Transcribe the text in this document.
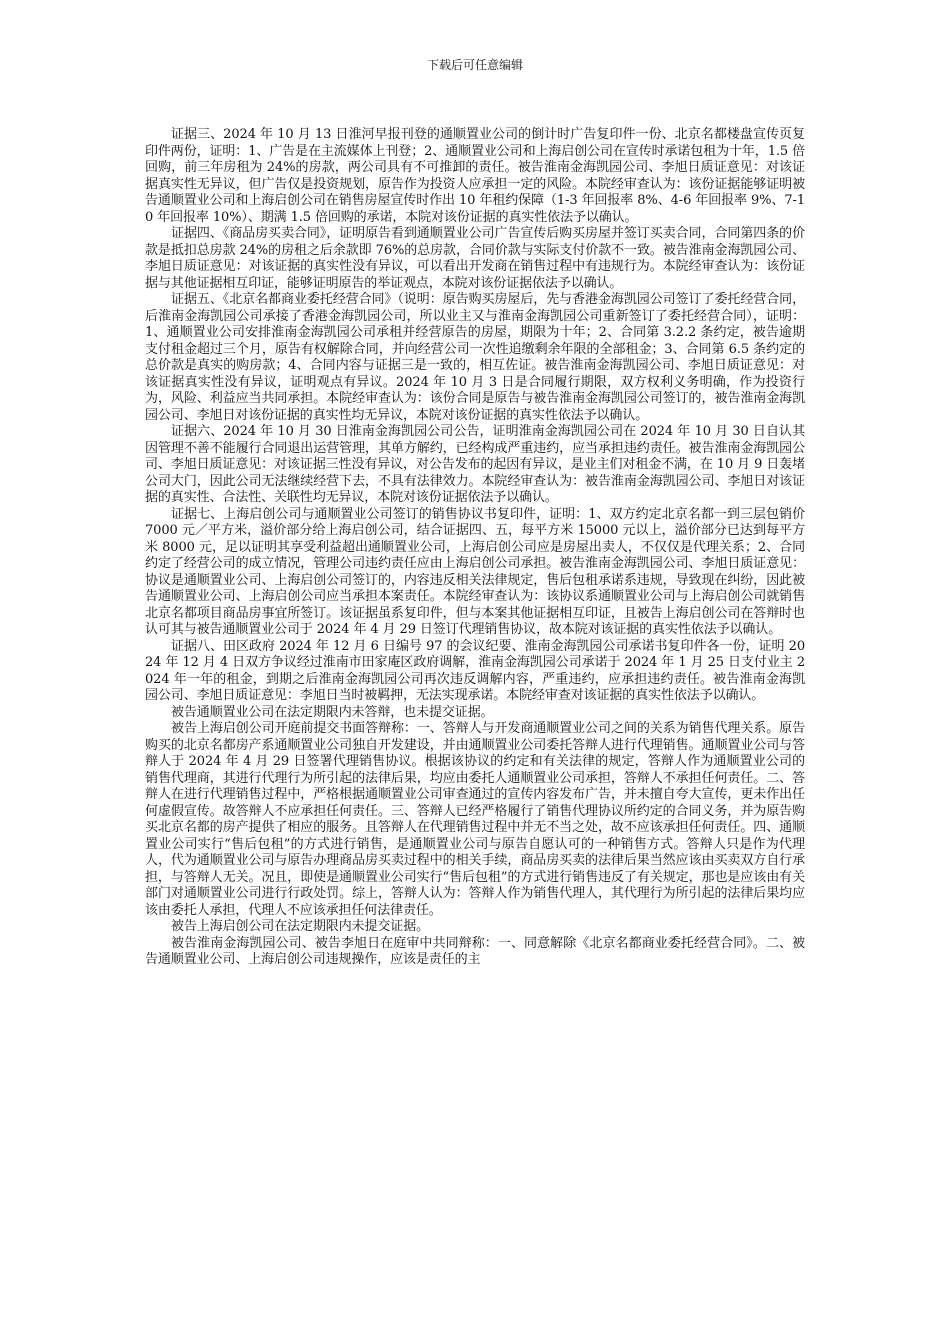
下载后可任意编辑

证据三、2024 年 10 月 13 日淮河早报刊登的通顺置业公司的倒计时广告复印件一份、北京名都楼盘宣传页复印件两份，证明：1、广告是在主流媒体上刊登；2、通顺置业公司和上海启创公司在宣传时承诺包租为十年，1.5 倍回购，前三年房租为 24%的房款，两公司具有不可推卸的责任。被告淮南金海凯园公司、李旭日质证意见：对该证据真实性无异议，但广告仅是投资规划，原告作为投资人应承担一定的风险。本院经审查认为：该份证据能够证明被告通顺置业公司和上海启创公司在销售房屋宣传时作出 10 年租约保障（1-3 年回报率 8%、4-6 年回报率 9%、7-10 年回报率 10%）、期满 1.5 倍回购的承诺，本院对该份证据的真实性依法予以确认。

证据四、《商品房买卖合同》，证明原告看到通顺置业公司广告宣传后购买房屋并签订买卖合同，合同第四条的价款是抵扣总房款 24%的房租之后余款即 76%的总房款，合同价款与实际支付价款不一致。被告淮南金海凯园公司、李旭日质证意见：对该证据的真实性没有异议，可以看出开发商在销售过程中有违规行为。本院经审查认为：该份证据与其他证据相互印证，能够证明原告的举证观点，本院对该份证据依法予以确认。

证据五、《北京名都商业委托经营合同》（说明：原告购买房屋后，先与香港金海凯园公司签订了委托经营合同，后淮南金海凯园公司承接了香港金海凯园公司，所以业主又与淮南金海凯园公司重新签订了委托经营合同），证明：1、通顺置业公司安排淮南金海凯园公司承租并经营原告的房屋，期限为十年；2、合同第 3.2.2 条约定，被告逾期支付租金超过三个月，原告有权解除合同，并向经营公司一次性追缴剩余年限的全部租金；3、合同第 6.5 条约定的总价款是真实的购房款；4、合同内容与证据三是一致的，相互佐证。被告淮南金海凯园公司、李旭日质证意见：对该证据真实性没有异议，证明观点有异议。2024 年 10 月 3 日是合同履行期限，双方权利义务明确，作为投资行为，风险、利益应当共同承担。本院经审查认为：该份合同是原告与被告淮南金海凯园公司签订的，被告淮南金海凯园公司、李旭日对该份证据的真实性均无异议，本院对该份证据的真实性依法予以确认。

证据六、2024 年 10 月 30 日淮南金海凯园公司公告，证明淮南金海凯园公司在 2024 年 10 月 30 日自认其因管理不善不能履行合同退出运营管理，其单方解约，已经构成严重违约，应当承担违约责任。被告淮南金海凯园公司、李旭日质证意见：对该证据三性没有异议，对公告发布的起因有异议，是业主们对租金不满，在 10 月 9 日轰堵公司大门，因此公司无法继续经营下去，不具有法律效力。本院经审查认为：被告淮南金海凯园公司、李旭日对该证据的真实性、合法性、关联性均无异议，本院对该份证据依法予以确认。

证据七、上海启创公司与通顺置业公司签订的销售协议书复印件，证明：1、双方约定北京名都一到三层包销价 7000 元／平方米，溢价部分给上海启创公司，结合证据四、五，每平方米 15000 元以上，溢价部分已达到每平方米 8000 元，足以证明其享受利益超出通顺置业公司，上海启创公司应是房屋出卖人，不仅仅是代理关系；2、合同约定了经营公司的成立情况，管理公司违约责任应由上海启创公司承担。被告淮南金海凯园公司、李旭日质证意见：协议是通顺置业公司、上海启创公司签订的，内容违反相关法律规定，售后包租承诺系违规，导致现在纠纷，因此被告通顺置业公司、上海启创公司应当承担本案责任。本院经审查认为：该协议系通顺置业公司与上海启创公司就销售北京名都项目商品房事宜所签订。该证据虽系复印件，但与本案其他证据相互印证，且被告上海启创公司在答辩时也认可其与被告通顺置业公司于 2024 年 4 月 29 日签订代理销售协议，故本院对该证据的真实性依法予以确认。

证据八、田区政府 2024 年 12 月 6 日编号 97 的会议纪要、淮南金海凯园公司承诺书复印件各一份，证明 2024 年 12 月 4 日双方争议经过淮南市田家庵区政府调解，淮南金海凯园公司承诺于 2024 年 1 月 25 日支付业主 2024 年一年的租金，到期之后淮南金海凯园公司再次违反调解内容，严重违约，应承担违约责任。被告淮南金海凯园公司、李旭日质证意见：李旭日当时被羁押，无法实现承诺。本院经审查对该证据的真实性依法予以确认。

被告通顺置业公司在法定期限内未答辩，也未提交证据。

被告上海启创公司开庭前提交书面答辩称：一、答辩人与开发商通顺置业公司之间的关系为销售代理关系。原告购买的北京名都房产系通顺置业公司独自开发建设，并由通顺置业公司委托答辩人进行代理销售。通顺置业公司与答辩人于 2024 年 4 月 29 日签署代理销售协议。根据该协议的约定和有关法律的规定，答辩人作为通顺置业公司的销售代理商，其进行代理行为所引起的法律后果，均应由委托人通顺置业公司承担，答辩人不承担任何责任。二、答辩人在进行代理销售过程中，严格根据通顺置业公司审查通过的宣传内容发布广告，并未擅自夸大宣传，更未作出任何虚假宣传。故答辩人不应承担任何责任。三、答辩人已经严格履行了销售代理协议所约定的合同义务，并为原告购买北京名都的房产提供了相应的服务。且答辩人在代理销售过程中并无不当之处，故不应该承担任何责任。四、通顺置业公司实行“售后包租”的方式进行销售，是通顺置业公司与原告自愿认可的一种销售方式。答辩人只是作为代理人，代为通顺置业公司与原告办理商品房买卖过程中的相关手续，商品房买卖的法律后果当然应该由买卖双方自行承担，与答辩人无关。况且，即使是通顺置业公司实行“售后包租”的方式进行销售违反了有关规定，那也是应该由有关部门对通顺置业公司进行行政处罚。综上，答辩人认为：答辩人作为销售代理人，其代理行为所引起的法律后果均应该由委托人承担，代理人不应该承担任何法律责任。

被告上海启创公司在法定期限内未提交证据。

被告淮南金海凯园公司、被告李旭日在庭审中共同辩称：一、同意解除《北京名都商业委托经营合同》。二、被告通顺置业公司、上海启创公司违规操作，应该是责任的主
